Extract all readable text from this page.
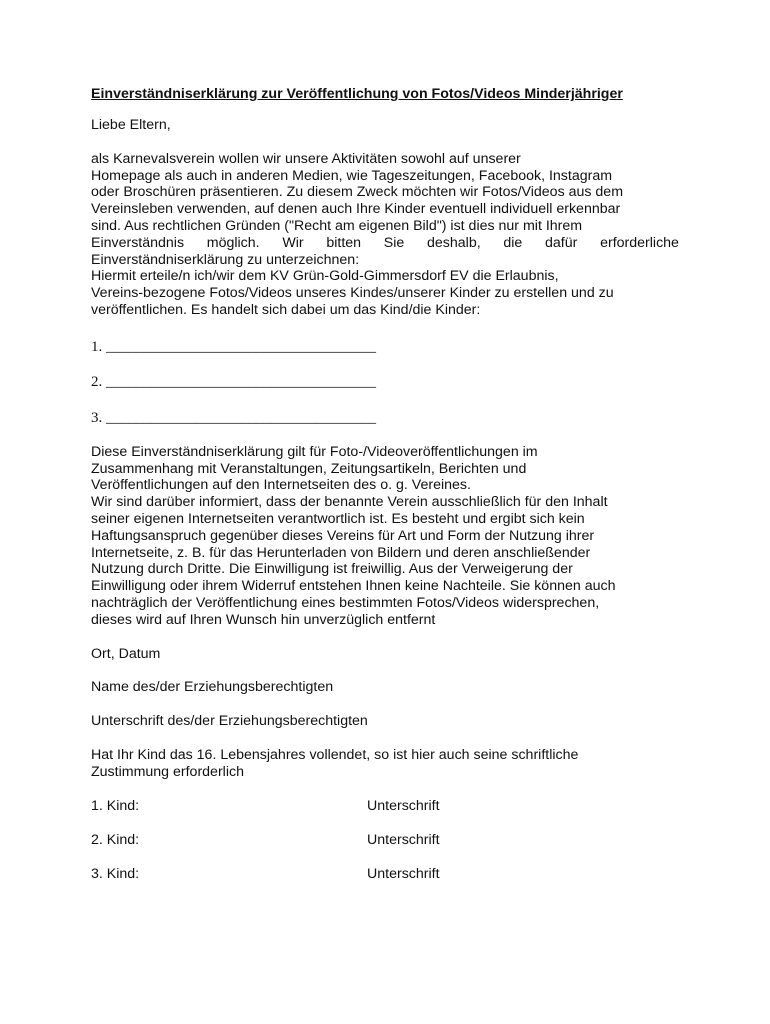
Einverständniserklärung zur Veröffentlichung von Fotos/Videos Minderjähriger
Liebe Eltern,
als Karnevalsverein wollen wir unsere Aktivitäten sowohl auf unserer
Homepage als auch in anderen Medien, wie Tageszeitungen, Facebook, Instagram
oder Broschüren präsentieren. Zu diesem Zweck möchten wir Fotos/Videos aus dem
Vereinsleben verwenden, auf denen auch Ihre Kinder eventuell individuell erkennbar
sind. Aus rechtlichen Gründen ("Recht am eigenen Bild") ist dies nur mit Ihrem
Einverständnis möglich. Wir bitten Sie deshalb, die dafür erforderliche
Einverständniserklärung zu unterzeichnen:
Hiermit erteile/n ich/wir dem KV Grün-Gold-Gimmersdorf EV die Erlaubnis,
Vereins-bezogene Fotos/Videos unseres Kindes/unserer Kinder zu erstellen und zu
veröffentlichen. Es handelt sich dabei um das Kind/die Kinder:
1. ____________________________________
2. ____________________________________
3. ____________________________________
Diese Einverständniserklärung gilt für Foto-/Videoveröffentlichungen im
Zusammenhang mit Veranstaltungen, Zeitungsartikeln, Berichten und
Veröffentlichungen auf den Internetseiten des o. g. Vereines.
Wir sind darüber informiert, dass der benannte Verein ausschließlich für den Inhalt
seiner eigenen Internetseiten verantwortlich ist. Es besteht und ergibt sich kein
Haftungsanspruch gegenüber dieses Vereins für Art und Form der Nutzung ihrer
Internetseite, z. B. für das Herunterladen von Bildern und deren anschließender
Nutzung durch Dritte. Die Einwilligung ist freiwillig. Aus der Verweigerung der
Einwilligung oder ihrem Widerruf entstehen Ihnen keine Nachteile. Sie können auch
nachträglich der Veröffentlichung eines bestimmten Fotos/Videos widersprechen,
dieses wird auf Ihren Wunsch hin unverzüglich entfernt
Ort, Datum
Name des/der Erziehungsberechtigten
Unterschrift des/der Erziehungsberechtigten
Hat Ihr Kind das 16. Lebensjahres vollendet, so ist hier auch seine schriftliche
Zustimmung erforderlich
1. Kind:	Unterschrift
2. Kind:	Unterschrift
3. Kind:	Unterschrift
